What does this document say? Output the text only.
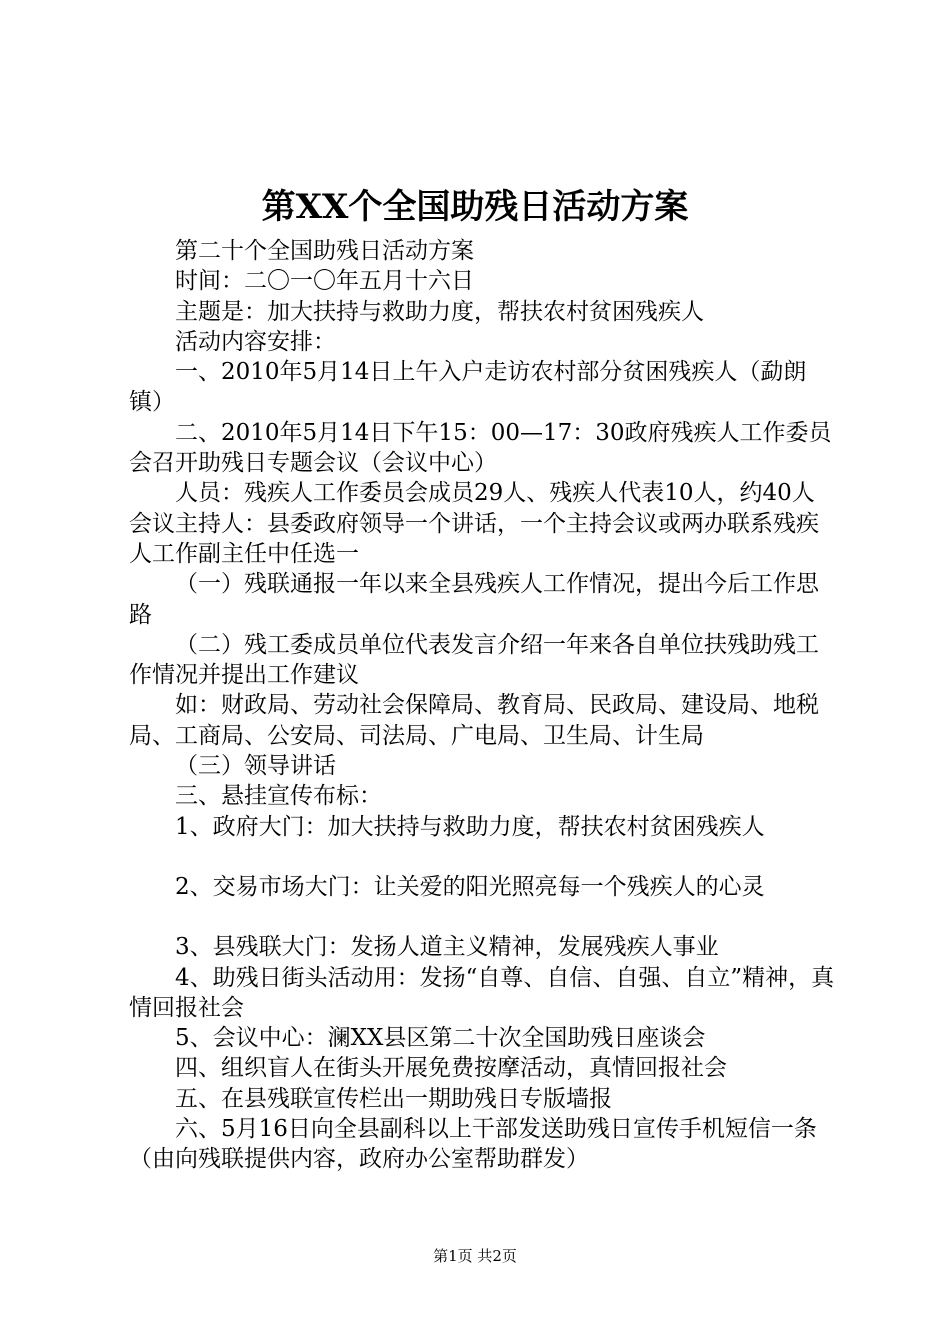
第XX个全国助残日活动方案

第二十个全国助残日活动方案

时间：二〇一〇年五月十六日

主题是：加大扶持与救助力度，帮扶农村贫困残疾人

活动内容安排：

一、2010年5月14日上午入户走访农村部分贫困残疾人（勐朗镇）

二、2010年5月14日下午15：00—17：30政府残疾人工作委员会召开助残日专题会议（会议中心）

人员：残疾人工作委员会成员29人、残疾人代表10人，约40人会议主持人：县委政府领导一个讲话，一个主持会议或两办联系残疾人工作副主任中任选一

（一）残联通报一年以来全县残疾人工作情况，提出今后工作思路

（二）残工委成员单位代表发言介绍一年来各自单位扶残助残工作情况并提出工作建议

如：财政局、劳动社会保障局、教育局、民政局、建设局、地税局、工商局、公安局、司法局、广电局、卫生局、计生局

（三）领导讲话

三、悬挂宣传布标：

1、政府大门：加大扶持与救助力度，帮扶农村贫困残疾人

2、交易市场大门：让关爱的阳光照亮每一个残疾人的心灵

3、县残联大门：发扬人道主义精神，发展残疾人事业

4、助残日街头活动用：发扬“自尊、自信、自强、自立”精神，真情回报社会

5、会议中心：澜XX县区第二十次全国助残日座谈会

四、组织盲人在街头开展免费按摩活动，真情回报社会

五、在县残联宣传栏出一期助残日专版墙报

六、5月16日向全县副科以上干部发送助残日宣传手机短信一条（由向残联提供内容，政府办公室帮助群发）

第1页 共2页
